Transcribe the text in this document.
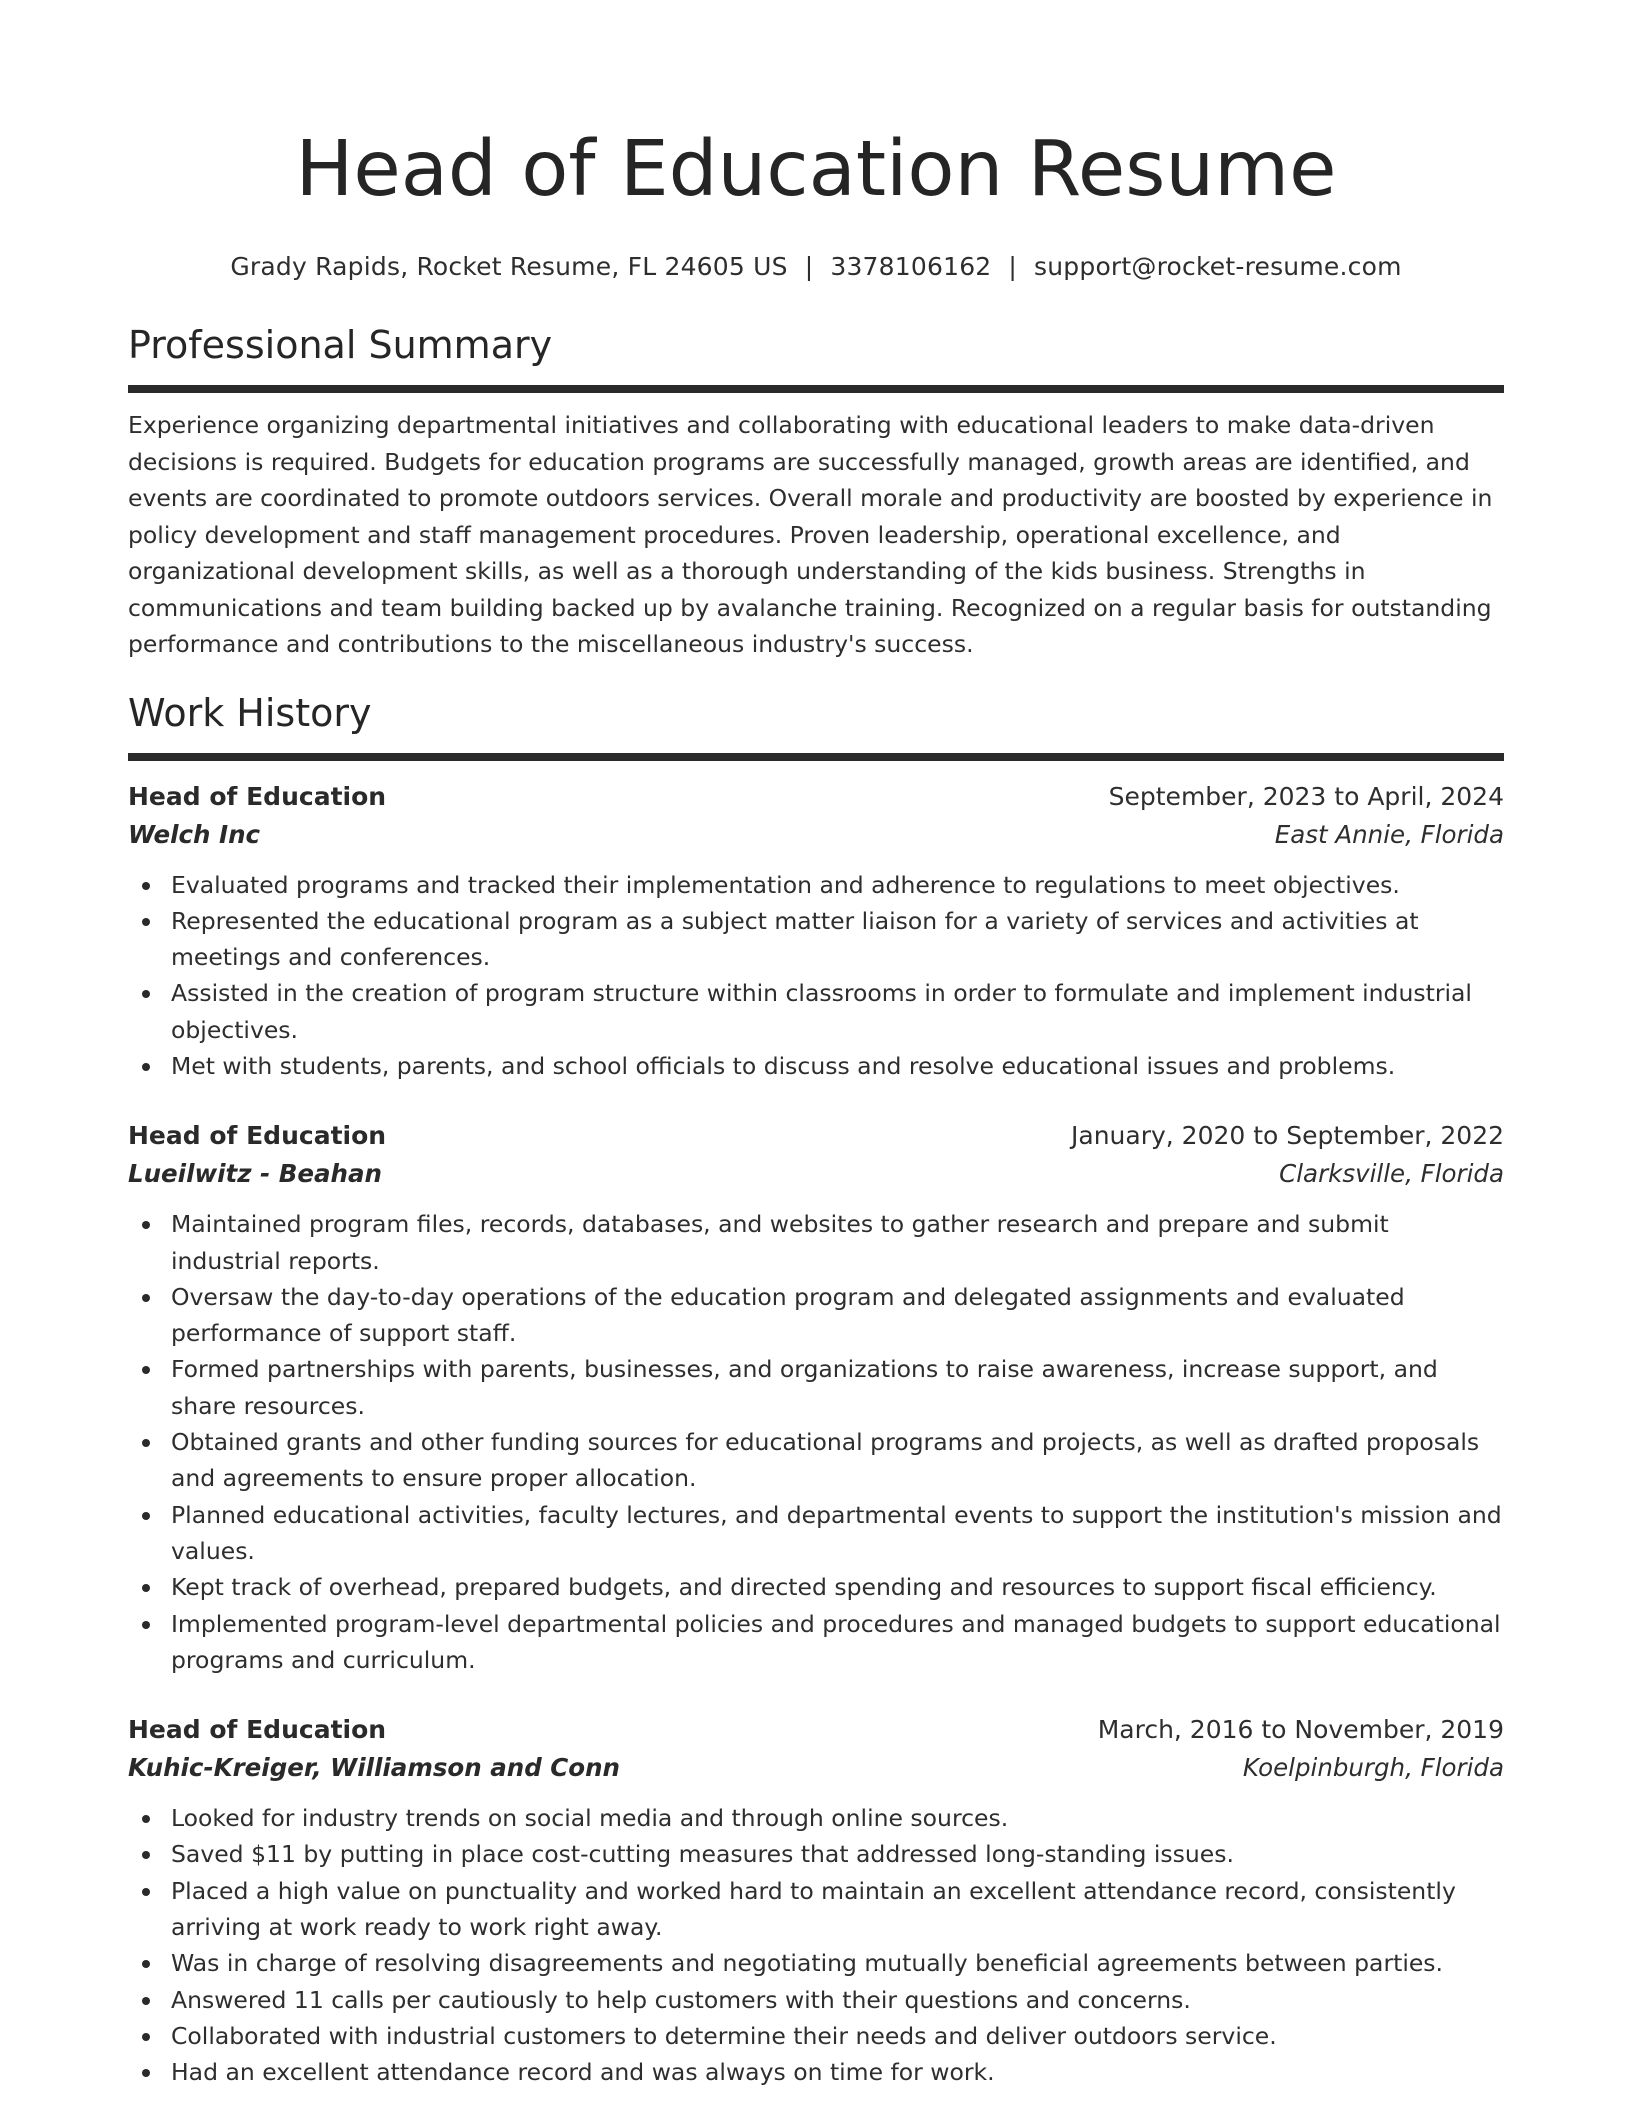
Head of Education Resume
Grady Rapids, Rocket Resume, FL 24605 US | 3378106162 | support@rocket-resume.com
Professional Summary

Experience organizing departmental initiatives and collaborating with educational leaders to make data-driven decisions is required. Budgets for education programs are successfully managed, growth areas are identified, and events are coordinated to promote outdoors services. Overall morale and productivity are boosted by experience in policy development and staff management procedures. Proven leadership, operational excellence, and organizational development skills, as well as a thorough understanding of the kids business. Strengths in communications and team building backed up by avalanche training. Recognized on a regular basis for outstanding performance and contributions to the miscellaneous industry's success.

Work History
Head of Education	September, 2023 to April, 2024
Welch Inc	East Annie, Florida
Evaluated programs and tracked their implementation and adherence to regulations to meet objectives.
Represented the educational program as a subject matter liaison for a variety of services and activities at meetings and conferences.
Assisted in the creation of program structure within classrooms in order to formulate and implement industrial objectives.
Met with students, parents, and school officials to discuss and resolve educational issues and problems.
Head of Education	January, 2020 to September, 2022
Lueilwitz - Beahan	Clarksville, Florida
Maintained program files, records, databases, and websites to gather research and prepare and submit industrial reports.
Oversaw the day-to-day operations of the education program and delegated assignments and evaluated performance of support staff.
Formed partnerships with parents, businesses, and organizations to raise awareness, increase support, and share resources.
Obtained grants and other funding sources for educational programs and projects, as well as drafted proposals and agreements to ensure proper allocation.
Planned educational activities, faculty lectures, and departmental events to support the institution's mission and values.
Kept track of overhead, prepared budgets, and directed spending and resources to support fiscal efficiency.
Implemented program-level departmental policies and procedures and managed budgets to support educational programs and curriculum.
Head of Education	March, 2016 to November, 2019
Kuhic-Kreiger, Williamson and Conn	Koelpinburgh, Florida
Looked for industry trends on social media and through online sources.
Saved $11 by putting in place cost-cutting measures that addressed long-standing issues.
Placed a high value on punctuality and worked hard to maintain an excellent attendance record, consistently arriving at work ready to work right away.
Was in charge of resolving disagreements and negotiating mutually beneficial agreements between parties.
Answered 11 calls per cautiously to help customers with their questions and concerns.
Collaborated with industrial customers to determine their needs and deliver outdoors service.
Had an excellent attendance record and was always on time for work.
